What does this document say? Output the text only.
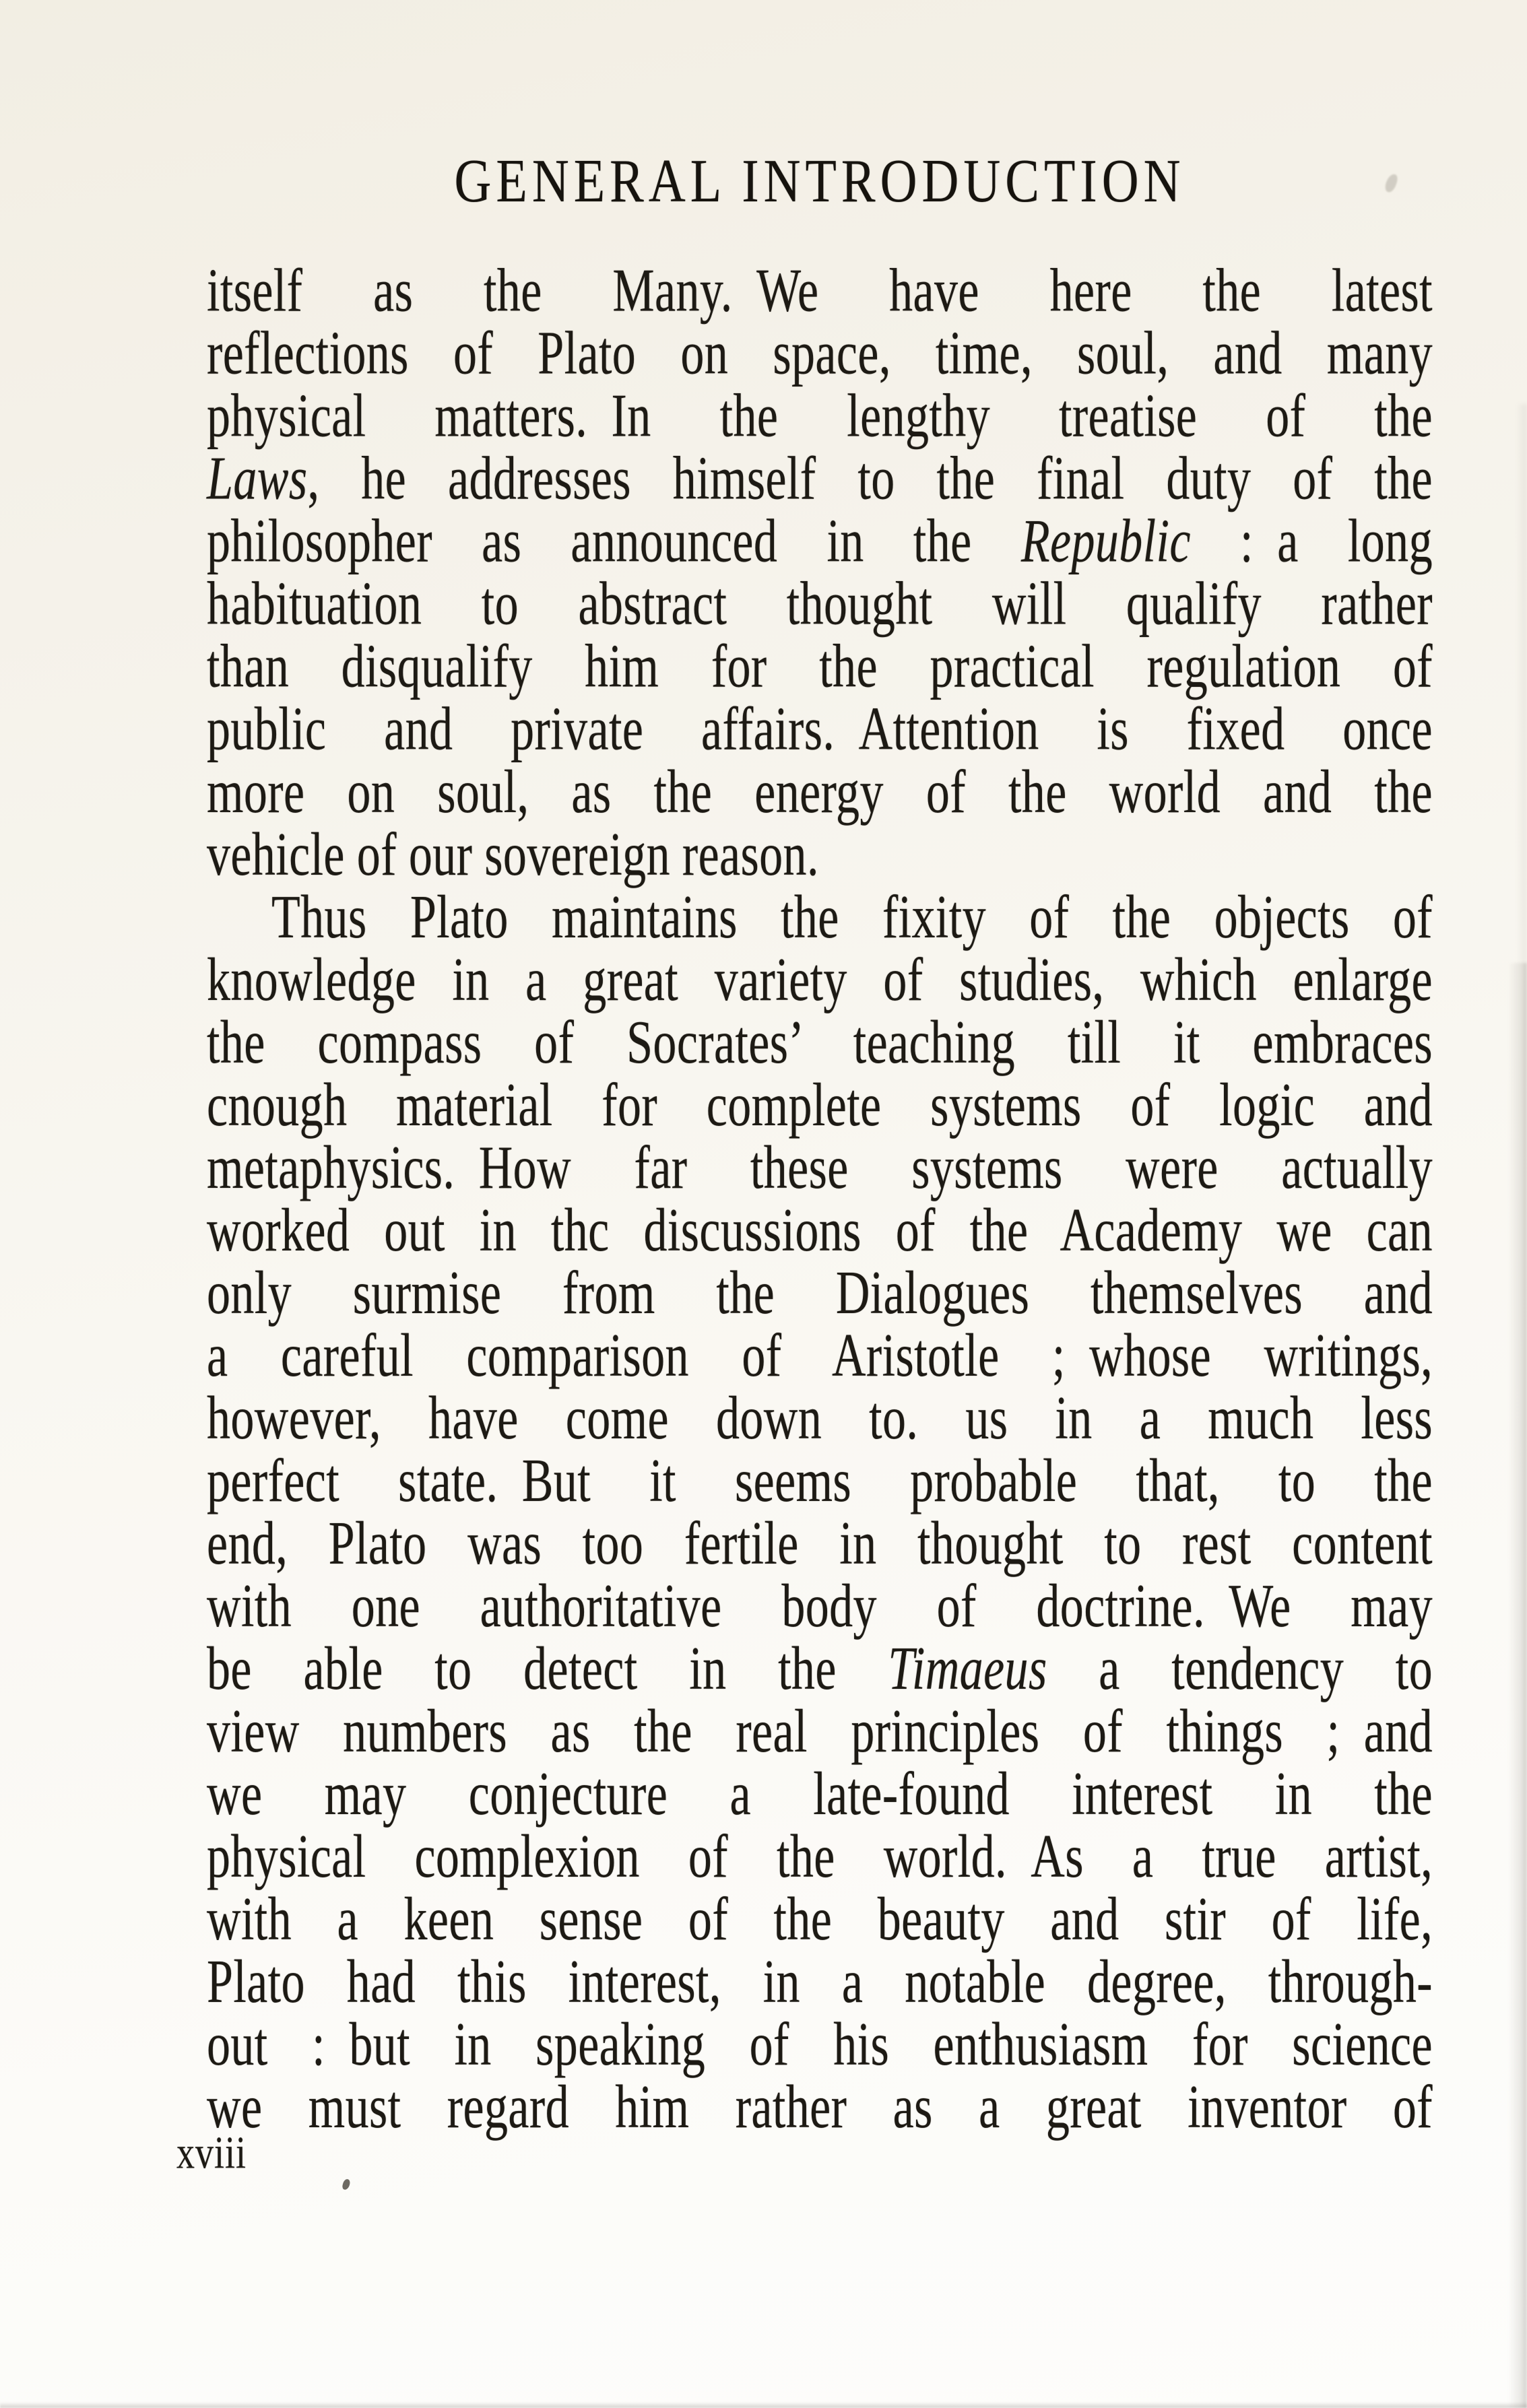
GENERAL INTRODUCTION
itself as the Many. We have here the latest
reflections of Plato on space, time, soul, and many
physical matters. In the lengthy treatise of the
Laws, he addresses himself to the final duty of the
philosopher as announced in the Republic : a long
habituation to abstract thought will qualify rather
than disqualify him for the practical regulation of
public and private affairs. Attention is fixed once
more on soul, as the energy of the world and the
vehicle of our sovereign reason.
Thus Plato maintains the fixity of the objects of
knowledge in a great variety of studies, which enlarge
the compass of Socrates’ teaching till it embraces
cnough material for complete systems of logic and
metaphysics. How far these systems were actually
worked out in thc discussions of the Academy we can
only surmise from the Dialogues themselves and
a careful comparison of Aristotle ; whose writings,
however, have come down to. us in a much less
perfect state. But it seems probable that, to the
end, Plato was too fertile in thought to rest content
with one authoritative body of doctrine. We may
be able to detect in the Timaeus a tendency to
view numbers as the real principles of things ; and
we may conjecture a late-found interest in the
physical complexion of the world. As a true artist,
with a keen sense of the beauty and stir of life,
Plato had this interest, in a notable degree, through-
out : but in speaking of his enthusiasm for science
we must regard him rather as a great inventor of
xviii
